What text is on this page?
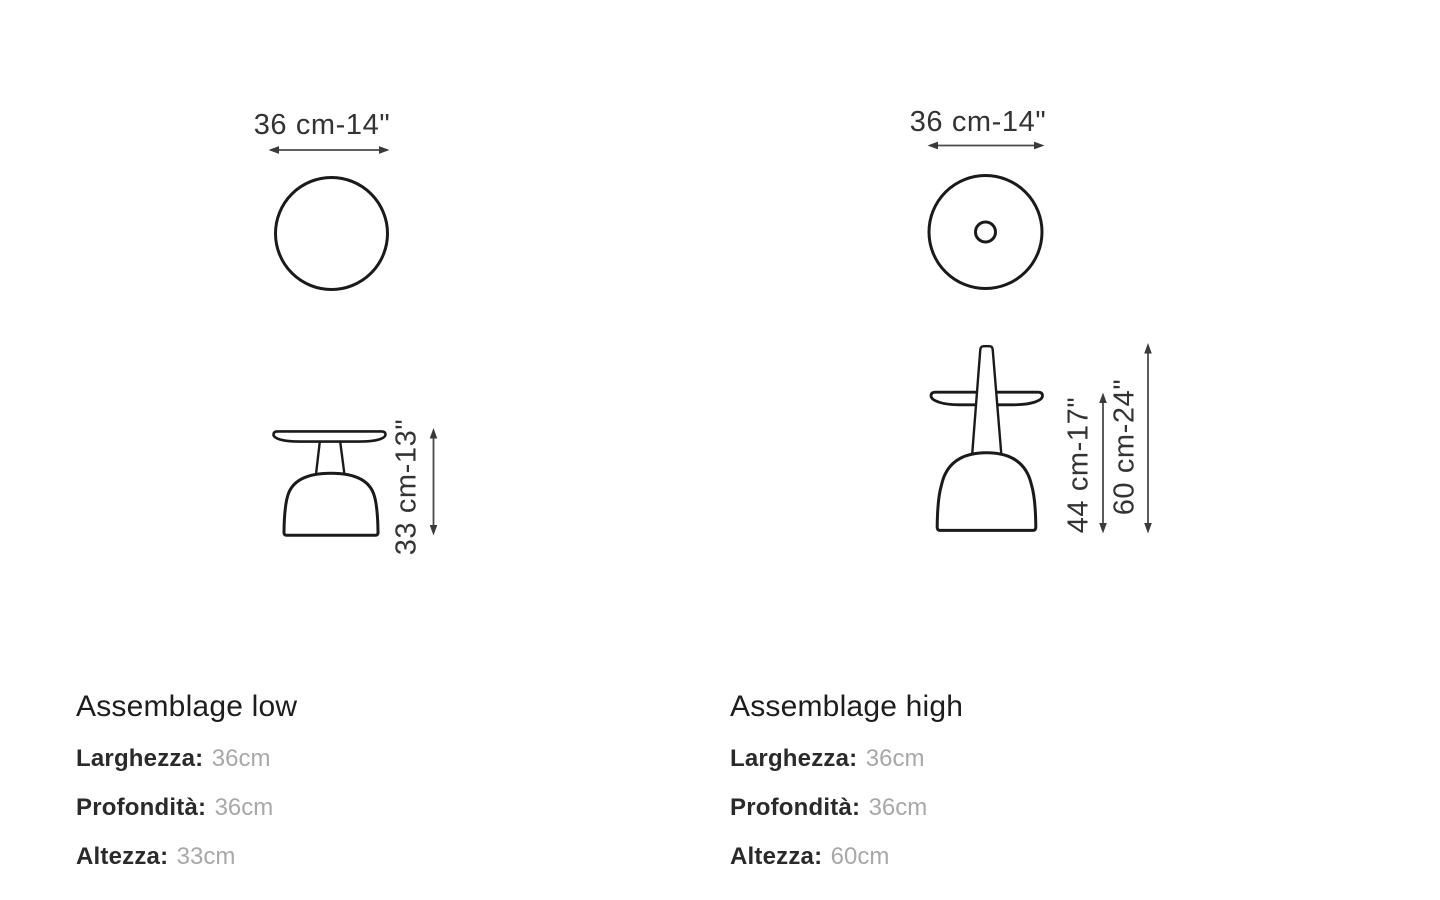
36 cm-14"
33 cm-13"
36 cm-14"
44 cm-17" 60 cm-24"
Assemblage low
Larghezza: 36cm
Profondità: 36cm
Altezza: 33cm
Assemblage high
Larghezza: 36cm
Profondità: 36cm
Altezza: 60cm
